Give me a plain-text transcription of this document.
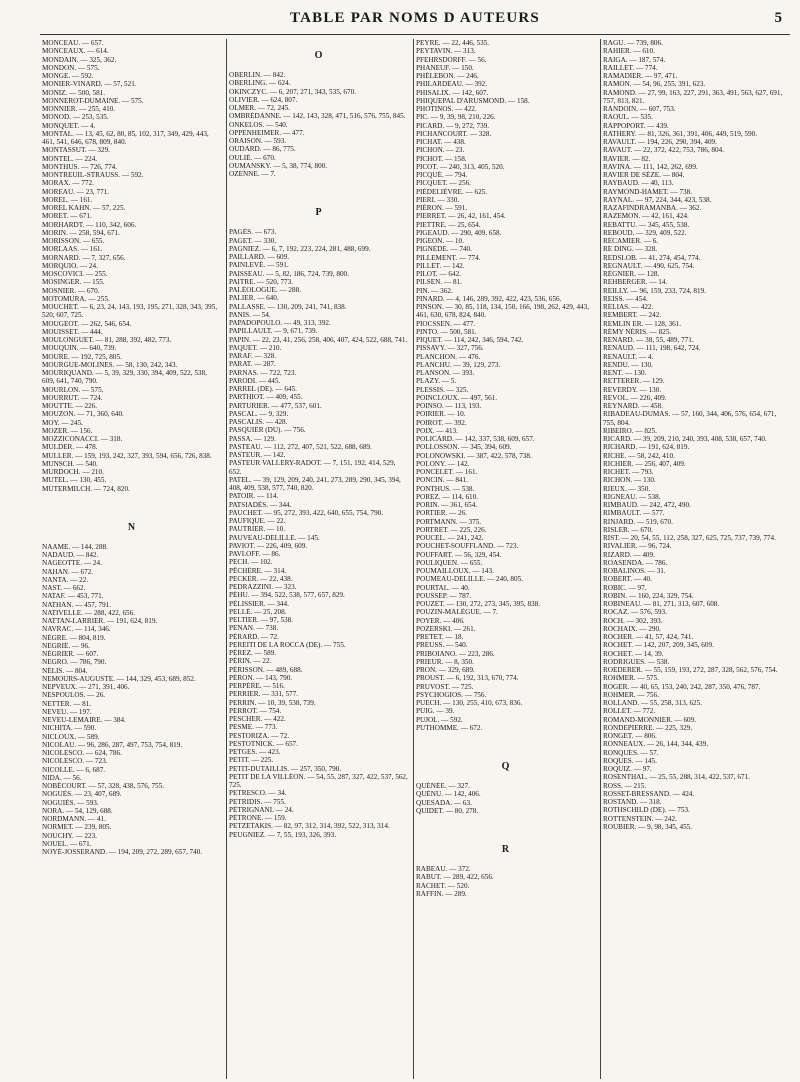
TABLE PAR NOMS D AUTEURS	5
MONCEAU. — 657.
MONCEAUX. — 614.
MONDAIN. — 325, 362.
MONDON. — 575.
MONGE. — 592.
MONIER-VINARD. — 57, 521.
MONIZ. — 500, 581.
MONNEROT-DUMAINE. — 575.
MONNIER. — 255, 410.
MONOD. — 253, 535.
MONQUET. — 4.
MONTAL. — 13, 45, 62, 80, 85, 102, 317, 349, 429, 443, 461, 541, 646, 678, 809, 840.
MONTASSUT. — 329.
MONTEL. — 224.
MONTHUS. — 726, 774.
MONTREUIL-STRAUSS. — 592.
MORAX. — 772.
MOREAU. — 23, 771.
MOREL. — 161.
MOREL KAHN. — 57, 225.
MORET. — 671.
MORHARDT. — 110, 342, 606.
MORIN. — 258, 594, 671.
MORISSON. — 655.
MORLAAS. — 161.
MORNARD. — 7, 327, 656.
MORQUIO. — 24.
MOSCOVICI. — 255.
MOSINGER. — 155.
MOSNIER. — 670.
MOTOMURA. — 255.
MOUCHET. — 6, 23, 24, 143, 193, 195, 271, 328, 343, 395, 520, 607, 725.
MOUGEOT. — 262, 546, 654.
MOUISSET. — 444.
MOULONGUET. — 81, 288, 392, 482, 773.
MOUQUIN. — 640, 739.
MOURE. — 192, 725, 805.
MOURGUE-MOLINES. — 58, 130, 242, 343.
MOURIQUAND. — 5, 39, 329, 330, 394, 409, 522, 538, 609, 641, 740, 790.
MOURLON. — 575.
MOURRUT. — 724.
MOUTTE. — 226.
MOUZON. — 71, 360, 640.
MOY. — 245.
MOZER. — 156.
MOZZICONACCI. — 318.
MULDER. — 478.
MULLER. — 159, 193, 242, 327, 393, 594, 656, 726, 838.
MUNSCH. — 540.
MURDOCH. — 210.
MUTEL. — 130, 455.
MUTERMILCH. — 724, 820.
N
NAAME. — 144, 288.
NADAUD. — 842.
NAGEOTTE. — 24.
NAHAN. — 672.
NANTA. — 22.
NAST. — 662.
NATAF. — 453, 771.
NATHAN. — 457, 791.
NATIVELLE. — 288, 422, 656.
NATTAN-LARRIER. — 191, 624, 819.
NAVRAC. — 114, 346.
NÈGRE. — 804, 819.
NEGRIÉ. — 96.
NÉGRIER. — 607.
NEGRO. — 786, 790.
NÉLIS. — 804.
NEMOURS-AUGUSTE. — 144, 329, 453, 689, 852.
NEPVEUX. — 271, 391, 406.
NESPOULOS. — 26.
NETTER. — 81.
NEVEU. — 197.
NEVEU-LEMAIRE. — 384.
NICHITA. — 590.
NICLOUX. — 589.
NICOLAU. — 96, 286, 287, 497, 753, 754, 819.
NICOLESCO. — 624, 786.
NICOLESCO. — 723.
NICOLLE. — 6, 687.
NIDA. — 56.
NOBÉCOURT. — 57, 328, 438, 576, 755.
NOGUÈS. — 23, 407, 689.
NOGUIÈS. — 593.
NORA. — 54, 129, 688.
NORDMANN. — 41.
NORMET. — 239, 805.
NOUCHY. — 223.
NOUEL. — 671.
NOYÉ-JOSSERAND. — 194, 209, 272, 289, 657, 740.
O
OBERLIN. — 842.
OBERLING. — 624.
OKINCZYC. — 6, 207, 271, 343, 535, 670.
OLIVIER. — 624, 807.
OLMER. — 72, 245.
OMBRÉDANNE. — 142, 143, 328, 471, 516, 576, 755, 845.
ONKELOS. — 540.
OPPENHEIMER. — 477.
ORAISON. — 593.
OUDARD. — 86, 775.
OULIÉ. — 670.
OUMANSKY. — 5, 38, 774, 800.
OZENNE. — 7.
P
PAGÈS. — 673.
PAGET. — 330.
PAGNIEZ. — 6, 7, 192, 223, 224, 281, 488, 699.
PAILLARD. — 609.
PAINLEVÉ. — 591.
PAISSEAU. — 5, 82, 186, 724, 739, 800.
PAITRE. — 520, 773.
PALÉOLOGUE. — 288.
PALIER. — 640.
PALLASSE. — 130, 209, 241, 741, 838.
PANIS. — 54.
PAPADOPOULO. — 49, 313, 392.
PAPILLAULT. — 9, 671, 739.
PAPIN. — 22, 23, 41, 256, 258, 406, 407, 424, 522, 688, 741.
PAQUET. — 210.
PARAF. — 328.
PARAT. — 287.
PARNAS. — 722, 723.
PARODI. — 445.
PARREL (DE). — 645.
PARTHIOT. — 409, 455.
PARTURIER. — 477, 537, 601.
PASCAL. — 9, 329.
PASCALIS. — 428.
PASQUIER (DU). — 756.
PASSA. — 129.
PASTEAU. — 112, 272, 407, 521, 522, 688, 689.
PASTEUR. — 142.
PASTEUR VALLERY-RADOT. — 7, 151, 192, 414, 529, 652.
PATEL. — 39, 129, 209, 240, 241, 273, 289, 290, 345, 394, 408, 409, 538, 577, 740, 820.
PATOIR. — 114.
PATSIADÈS. — 344.
PAUCHET. — 95, 272, 393, 422, 640, 655, 754, 790.
PAUFIQUE. — 22.
PAUTRIER. — 10.
PAUVEAU-DELILLE. — 145.
PAVIOT. — 226, 409, 609.
PAVLOFF. — 86.
PECH. — 102.
PÊCHÈRE. — 314.
PECKER. — 22, 438.
PEDRAZZINI. — 323.
PÉHU. — 394, 522, 538, 577, 657, 829.
PÉLISSIER. — 344.
PELLÉ. — 25, 208.
PELTIER. — 97, 538.
PENAN. — 738.
PÉRARD. — 72.
PEREITI DE LA ROCCA (DE). — 755.
PÉREZ. — 589.
PÉRIN. — 22.
PÉRISSON. — 489, 688.
PÉRON. — 143, 790.
PERPÈRE. — 516.
PERRIER. — 331, 577.
PERRIN. — 10, 39, 538, 739.
PERROT. — 754.
PESCHER. — 422.
PESME. — 773.
PESTORIZA. — 72.
PESTOTNICK. — 657.
PETGES. — 423.
PETIT. — 225.
PETIT-DUTAILLIS. — 257, 350, 790.
PETIT DE LA VILLÉON. — 54, 55, 287, 327, 422, 537, 562, 725.
PETRESCO. — 34.
PETRIDIS. — 755.
PÉTRIGNANI. — 24.
PÉTRONE. — 159.
PETZETAKIS. — 82, 97, 312, 314, 392, 522, 313, 314.
PEUGNIEZ. — 7, 55, 193, 326, 393.
PEYRE. — 22, 446, 535.
PEYTAVIN. — 313.
PFEHRSDORFF. — 56.
PHANEUF. — 150.
PHÉLEBON. — 246.
PHILARDEAU. — 392.
PHISALIX. — 142, 607.
PHIQUEPAL D'ARUSMOND. — 158.
PHOTINOS. — 422.
PIC. — 9, 39, 98, 210, 226.
PICARD. — 9, 272, 739.
PICHANCOURT. — 328.
PICHAT. — 438.
PICHON. — 23.
PICHOT. — 158.
PICOT. — 240, 313, 405, 520.
PICQUÉ. — 794.
PICQUET. — 256.
PIÉDELIÈVRE. — 625.
PIERI. — 330.
PIÉRON. — 591.
PIERRET. — 26, 42, 161, 454.
PIETTRE. — 25, 654.
PIGEAUD. — 290, 409, 658.
PIGEON. — 10.
PIGNÈDE. — 740.
PILLEMENT. — 774.
PILLET. — 142.
PILOT. — 642.
PILSEN. — 81.
PIN. — 362.
PINARD. — 4, 146, 289, 392, 422, 423, 536, 656.
PINSON. — 30, 85, 118, 134, 150, 166, 198, 262, 429, 443, 461, 630, 678, 824, 840.
PIOCSSEN. — 477.
PINTO. — 500, 581.
PIQUET. — 114, 242, 346, 594, 742.
PISSAVY. — 327, 756.
PLANCHON. — 476.
PLANCHU. — 39, 129, 273.
PLANSON. — 393.
PLAZY. — 5.
PLESSIS. — 325.
POINCLOUX. — 497, 561.
POINSO. — 113, 193.
POIRIER. — 10.
POIROT. — 392.
POIX. — 413.
POLICARD. — 142, 337, 538, 609, 657.
POLLOSSON. — 345, 394, 609.
POLONOWSKI. — 387, 422, 578, 738.
POLONY. — 142.
PONCELET. — 161.
PONCIN. — 841.
PONTHUS. — 538.
POREZ. — 114, 610.
PORIN. — 361, 654.
PORTIER. — 26.
PORTMANN. — 375.
PORTRET. — 225, 226.
POUCEL. — 241, 242.
POUCHET-SOUFFLAND. — 723.
POUFFART. — 56, 329, 454.
POULIQUEN. — 655.
POUMAILLOUX. — 143.
POUMEAU-DELILLE. — 240, 805.
POURTAL. — 40.
POUSSEP. — 787.
POUZET. — 130, 272, 273, 345, 395, 838.
POUZIN-MALÈGUE. — 7.
POYER. — 406.
POZERSKI. — 261.
PRETET. — 18.
PREUSS. — 540.
PRIBOIANO. — 223, 286.
PRIEUR. — 8, 350.
PRON. — 329, 689.
PROUST. — 6, 192, 313, 670, 774.
PRUVOST. — 725.
PSYCHOGIOS. — 756.
PUECH. — 130, 255, 410, 673, 836.
PUIG. — 39.
PUJOL. — 592.
PUTHOMME. — 672.
Q
QUÉNÉE. — 327.
QUÉNU. — 142, 406.
QUESADA. — 63.
QUIDET. — 80, 278.
R
RABEAU. — 372.
RABUT. — 289, 422, 656.
RACHET. — 520.
RAFFIN. — 289.
RAGU. — 739, 806.
RAHIER. — 610.
RAIGA. — 187, 574.
RAILLET. — 774.
RAMADIER. — 97, 471.
RAMON. — 54, 96, 255, 391, 623.
RAMOND. — 27, 99, 163, 227, 291, 363, 491, 563, 627, 691, 757, 813, 821.
RANDOIN. — 607, 753.
RAOUL. — 535.
RAPPOPORT. — 439.
RATHERY. — 81, 326, 361, 391, 406, 449, 519, 590.
RAVAULT. — 194, 226, 290, 394, 409.
RAVAUT. — 22, 372, 422, 753, 786, 804.
RAVIER. — 82.
RAVINA. — 111, 142, 262, 699.
RAVIER DE SÈZE. — 804.
RAYBAUD. — 40, 113.
RAYMOND-HAMET. — 738.
RAYNAL. — 97, 224, 344, 423, 538.
RAZAFINDRAMANBA. — 362.
RAZEMON. — 42, 161, 424.
REBATTU. — 345, 455, 538.
REBOUD. — 329, 409, 522.
RÉCAMIER. — 6.
RE DING. — 328.
REDSLOB. — 41, 274, 454, 774.
REGNAULT. — 490, 625, 754.
RÉGNIER. — 128.
REHBERGER. — 14.
REILLY. — 96, 159, 233, 724, 819.
REISS. — 454.
RELIAS. — 422.
REMBERT. — 242.
REMLIN ER. — 128, 361.
RÉMY NÉRIS. — 825.
RENARD. — 38, 55, 489, 771.
RENAUD. — 111, 198, 642, 724.
RENAULT. — 4.
RENDU. — 130.
RENT. — 130.
RETTERER. — 129.
REVERDY. — 130.
REVOL. — 226, 409.
REYNARD. — 458.
RIBADEAU-DUMAS. — 57, 160, 344, 406, 576, 654, 671, 755, 804.
RIBEIRO. — 825.
RICARD. — 39, 209, 210, 240, 393, 408, 538, 657, 740.
RICHARD. — 191, 624, 819.
RICHE. — 58, 242, 410.
RICHIER. — 256, 407, 409.
RICHET. — 793.
RICHON. — 130.
RIEUX. — 350.
RIGNEAU. — 538.
RIMBAUD. — 242, 472, 490.
RIMBAULT. — 577.
RINJARD. — 519, 670.
RISLER. — 670.
RIST. — 20, 54, 55, 112, 258, 327, 625, 725, 737, 739, 774.
RIVALIER. — 96, 724.
RIZARD. — 409.
ROASENDA. — 786.
ROBALINOS. — 31.
ROBERT. — 40.
ROBIC. — 97.
ROBIN. — 160, 224, 329, 754.
ROBINEAU. — 81, 271, 313, 607, 608.
ROCAZ. — 576, 593.
ROCH. — 302, 393.
ROCHAIX. — 290.
ROCHER. — 41, 57, 424, 741.
ROCHET. — 142, 207, 209, 345, 609.
ROCHET. — 14, 39.
RODRIGUES. — 538.
ROEDERER. — 55, 159, 193, 272, 287, 328, 562, 576, 754.
ROHMER. — 575.
ROGER. — 40, 65, 153, 240, 242, 287, 350, 476, 787.
ROHMER. — 756.
ROLLAND. — 55, 258, 313, 625.
ROLLET. — 772.
ROMAND-MONNIER. — 609.
RONDEPIERRE. — 225, 329.
RONGET. — 806.
RONNEAUX. — 26, 144, 344, 439.
RONQUES. — 57.
ROQUES. — 145.
ROQUIZ. — 97.
ROSENTHAL. — 25, 55, 288, 314, 422, 537, 671.
ROSS. — 215.
ROSSET-BRESSAND. — 424.
ROSTAND. — 318.
ROTHSCHILD (DE). — 753.
ROTTENSTEIN. — 242.
ROUBIER. — 9, 98, 345, 455.
